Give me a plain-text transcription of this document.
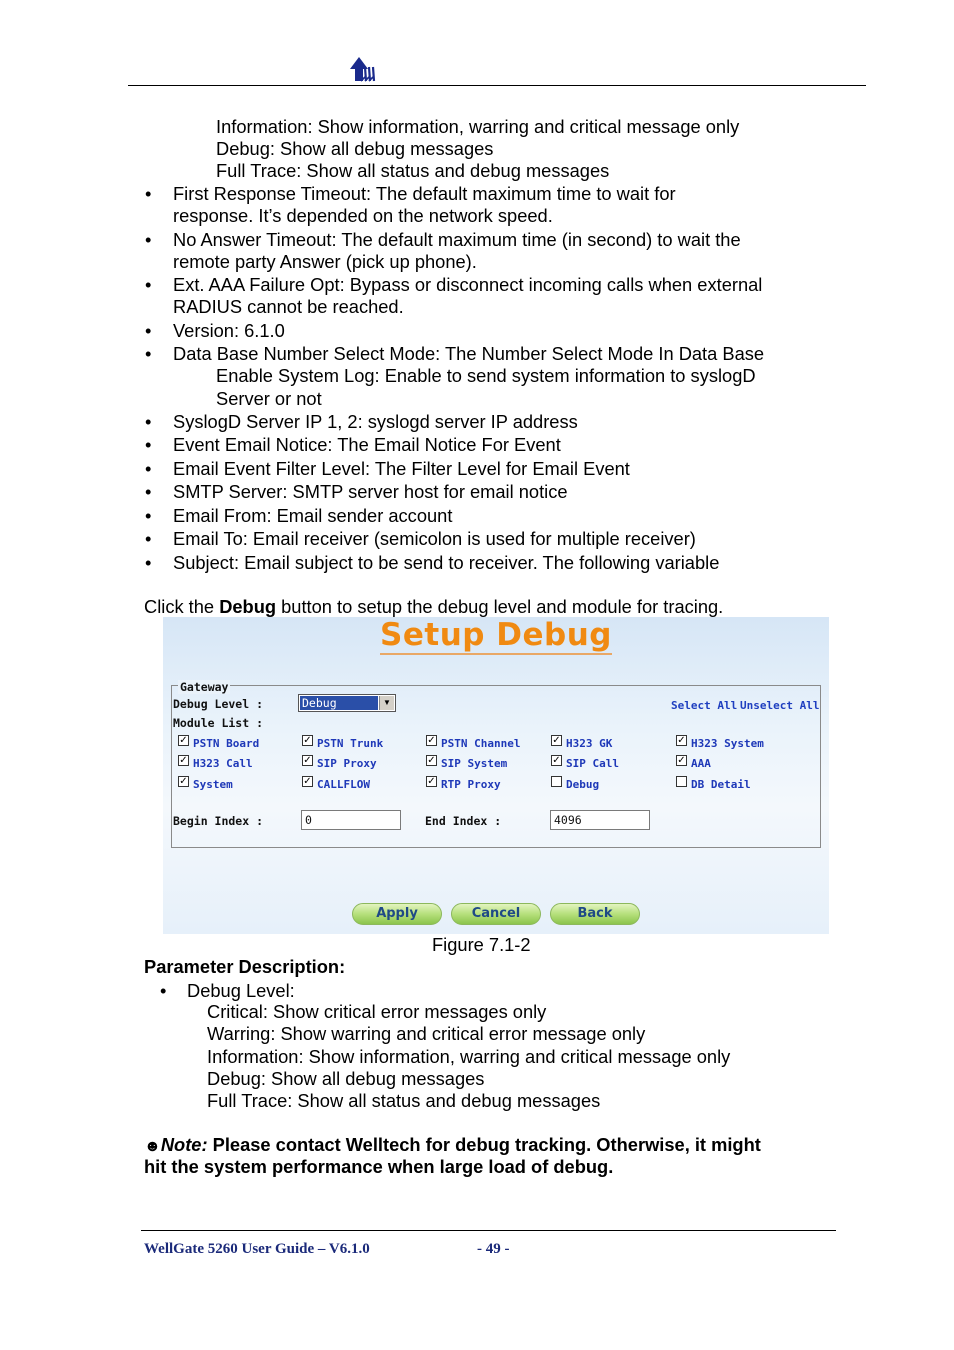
Information: Show information, warring and critical message only
Debug: Show all debug messages
Full Trace: Show all status and debug messages
• First Response Timeout: The default maximum time to wait for
response. It’s depended on the network speed.
• No Answer Timeout: The default maximum time (in second) to wait the
remote party Answer (pick up phone).
• Ext. AAA Failure Opt: Bypass or disconnect incoming calls when external
RADIUS cannot be reached.
• Version: 6.1.0
• Data Base Number Select Mode: The Number Select Mode In Data Base
Enable System Log: Enable to send system information to syslogD
Server or not
• SyslogD Server IP 1, 2: syslogd server IP address
• Event Email Notice: The Email Notice For Event
• Email Event Filter Level: The Filter Level for Email Event
• SMTP Server: SMTP server host for email notice
• Email From: Email sender account
• Email To: Email receiver (semicolon is used for multiple receiver)
• Subject: Email subject to be send to receiver. The following variable
Click the Debug button to setup the debug level and module for tracing.
Setup Debug
Gateway
Debug Level :	Debug	▼	Select All Unselect All
Module List :
✓ PSTN Board	✓ PSTN Trunk	✓ PSTN Channel	✓ H323 GK	✓ H323 System
✓ H323 Call	✓ SIP Proxy	✓ SIP System	✓ SIP Call	✓ AAA
✓ System	✓ CALLFLOW	✓ RTP Proxy	Debug	DB Detail
Begin Index :	0	End Index :	4096
Apply	Cancel	Back
Figure 7.1-2
Parameter Description:
• Debug Level:
Critical: Show critical error messages only
Warring: Show warring and critical error message only
Information: Show information, warring and critical message only
Debug: Show all debug messages
Full Trace: Show all status and debug messages
☻Note: Please contact Welltech for debug tracking. Otherwise, it might
hit the system performance when large load of debug.
WellGate 5260 User Guide – V6.1.0	- 49 -
